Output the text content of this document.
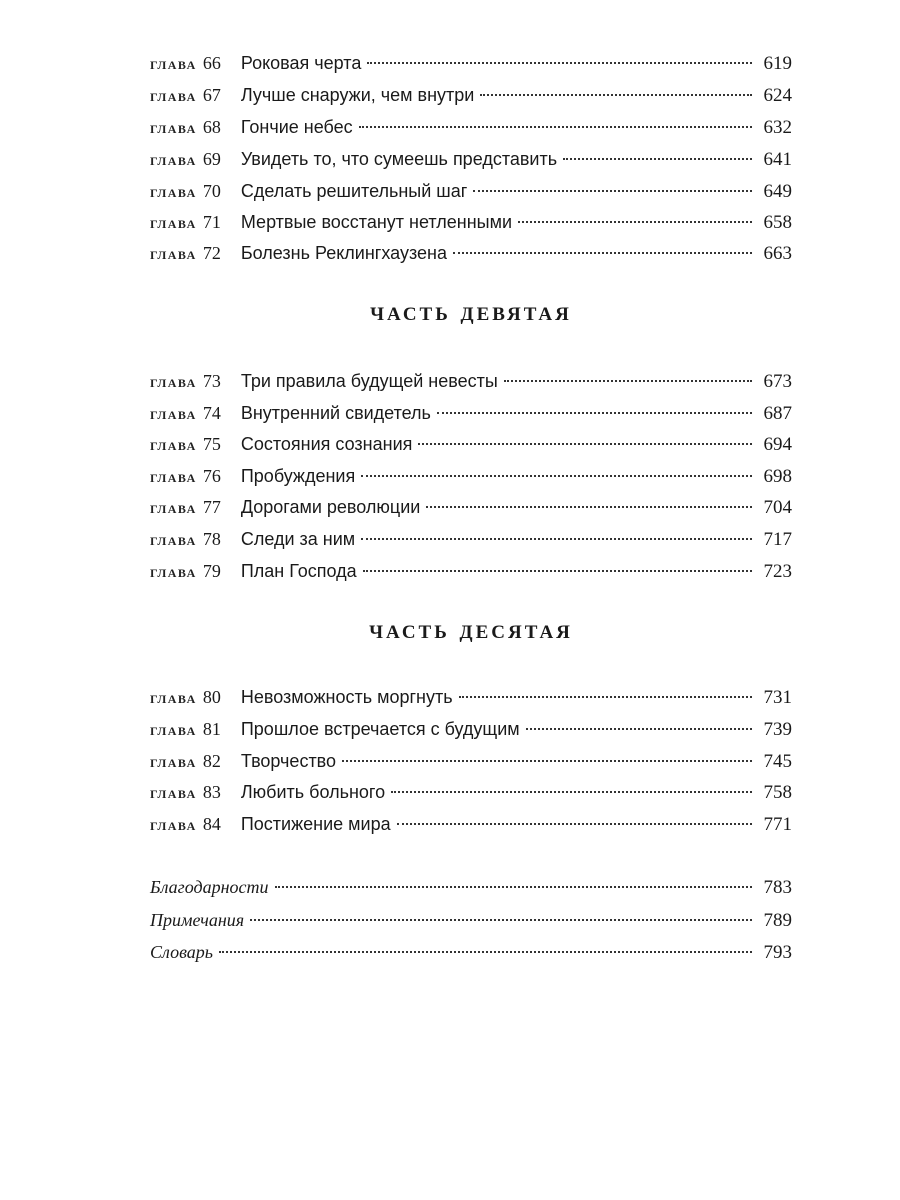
глава 66	Роковая черта	619
глава 67	Лучше снаружи, чем внутри	624
глава 68	Гончие небес	632
глава 69	Увидеть то, что сумеешь представить	641
глава 70	Сделать решительный шаг	649
глава 71	Мертвые восстанут нетленными	658
глава 72	Болезнь Реклингхаузена	663
часть девятая
глава 73	Три правила будущей невесты	673
глава 74	Внутренний свидетель	687
глава 75	Состояния сознания	694
глава 76	Пробуждения	698
глава 77	Дорогами революции	704
глава 78	Следи за ним	717
глава 79	План Господа	723
часть десятая
глава 80	Невозможность моргнуть	731
глава 81	Прошлое встречается с будущим	739
глава 82	Творчество	745
глава 83	Любить больного	758
глава 84	Постижение мира	771
Благодарности	783
Примечания	789
Словарь	793
